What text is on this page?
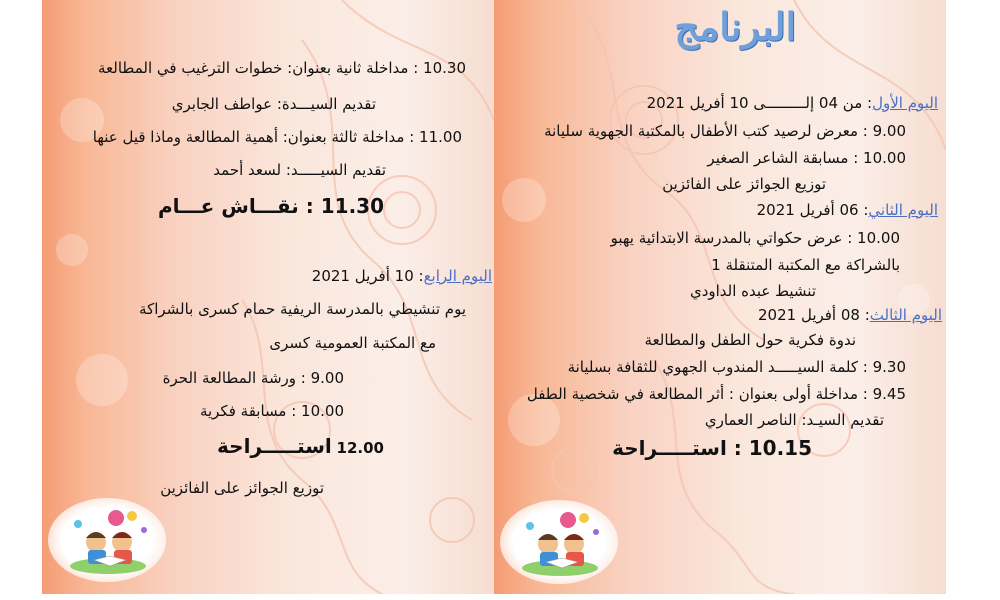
10.30 : مداخلة ثانية بعنوان: خطوات الترغيب في المطالعة
تقديم السيـــدة: عواطف الجابري
11.00 : مداخلة ثالثة بعنوان: أهمية المطالعة وماذا قيل عنها
تقديم السيـــــد: لسعد أحمد
11.30 : نقـــاش عـــام
اليوم الرابع: 10 أفريل 2021
يوم تنشيطي بالمدرسة الريفية حمام كسرى بالشراكة
مع المكتبة العمومية كسرى
9.00 : ورشة المطالعة الحرة
10.00 : مسابقة فكرية
12.00 استـــــراحة
توزيع الجوائز على الفائزين
البرنامج
اليوم الأول: من 04 إلـــــــــى 10 أفريل 2021
9.00 : معرض لرصيد كتب الأطفال بالمكتبة الجهوية سليانة
10.00 : مسابقة الشاعر الصغير
توزيع الجوائز على الفائزين
اليوم الثاني: 06 أفريل 2021
10.00 : عرض حكواتي بالمدرسة الابتدائية يهبو
بالشراكة مع المكتبة المتنقلة 1
تنشيط عبده الداودي
اليوم الثالث: 08 أفريل 2021
ندوة فكرية حول الطفل والمطالعة
9.30 : كلمة السيـــــد المندوب الجهوي للثقافة بسليانة
9.45 : مداخلة أولى بعنوان : أثر المطالعة في شخصية الطفل
تقديم السيـد: الناصر العماري
10.15 : استـــــراحة
